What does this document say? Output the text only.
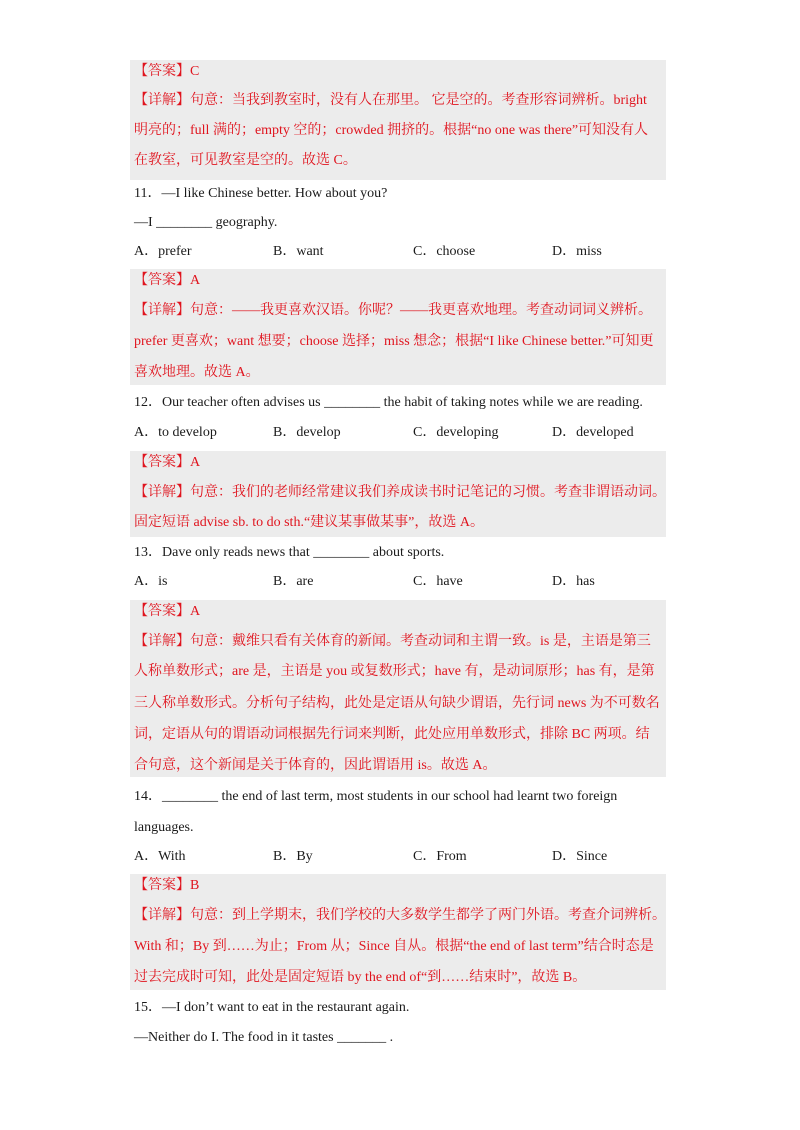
【答案】C
【详解】句意：当我到教室时，没有人在那里。 它是空的。考查形容词辨析。bright
明亮的；full 满的；empty 空的；crowded 拥挤的。根据“no one was there”可知没有人
在教室，可见教室是空的。故选 C。
11．—I like Chinese better. How about you?
—I ________ geography.
A．prefer	B．want	C．choose	D．miss
【答案】A
【详解】句意：——我更喜欢汉语。你呢？——我更喜欢地理。考查动词词义辨析。
prefer 更喜欢；want 想要；choose 选择；miss 想念；根据“I like Chinese better.”可知更
喜欢地理。故选 A。
12．Our teacher often advises us ________ the habit of taking notes while we are reading.
A．to develop	B．develop	C．developing	D．developed
【答案】A
【详解】句意：我们的老师经常建议我们养成读书时记笔记的习惯。考查非谓语动词。
固定短语 advise sb. to do sth.“建议某事做某事”，故选 A。
13．Dave only reads news that ________ about sports.
A．is	B．are	C．have	D．has
【答案】A
【详解】句意：戴维只看有关体育的新闻。考查动词和主谓一致。is 是，主语是第三
人称单数形式；are 是，主语是 you 或复数形式；have 有，是动词原形；has 有，是第
三人称单数形式。分析句子结构，此处是定语从句缺少谓语，先行词 news 为不可数名
词，定语从句的谓语动词根据先行词来判断，此处应用单数形式，排除 BC 两项。结
合句意，这个新闻是关于体育的，因此谓语用 is。故选 A。
14．________ the end of last term, most students in our school had learnt two foreign
languages.
A．With	B．By	C．From	D．Since
【答案】B
【详解】句意：到上学期末，我们学校的大多数学生都学了两门外语。考查介词辨析。
With 和；By 到……为止；From 从；Since 自从。根据“the end of last term”结合时态是
过去完成时可知，此处是固定短语 by the end of“到……结束时”，故选 B。
15．—I don’t want to eat in the restaurant again.
—Neither do I. The food in it tastes _______ .
